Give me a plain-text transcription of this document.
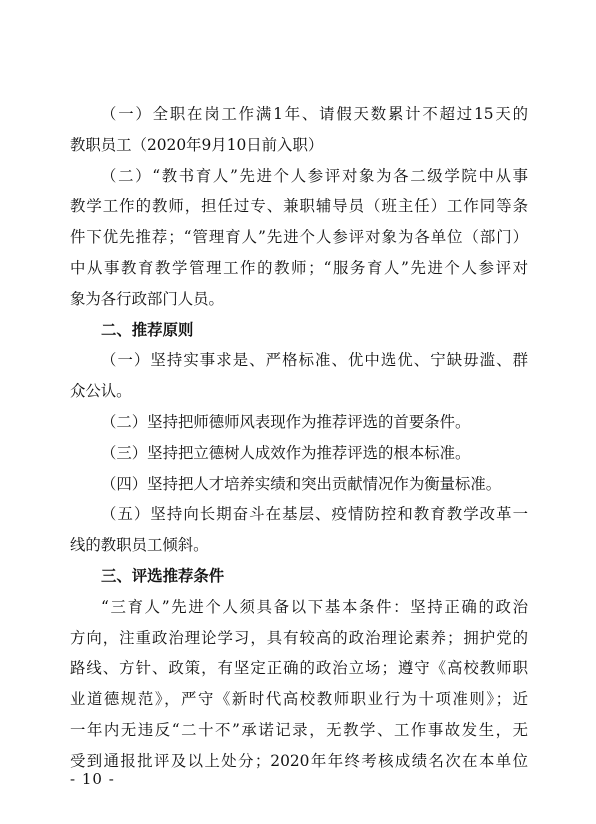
（一）全职在岗工作满1年、请假天数累计不超过15天的
教职员工（2020年9月10日前入职）
（二）“教书育人”先进个人参评对象为各二级学院中从事
教学工作的教师，担任过专、兼职辅导员（班主任）工作同等条
件下优先推荐；“管理育人”先进个人参评对象为各单位（部门）
中从事教育教学管理工作的教师；“服务育人”先进个人参评对
象为各行政部门人员。
二、推荐原则
（一）坚持实事求是、严格标准、优中选优、宁缺毋滥、群
众公认。
（二）坚持把师德师风表现作为推荐评选的首要条件。
（三）坚持把立德树人成效作为推荐评选的根本标准。
（四）坚持把人才培养实绩和突出贡献情况作为衡量标准。
（五）坚持向长期奋斗在基层、疫情防控和教育教学改革一
线的教职员工倾斜。
三、评选推荐条件
“三育人”先进个人须具备以下基本条件：坚持正确的政治
方向，注重政治理论学习，具有较高的政治理论素养；拥护党的
路线、方针、政策，有坚定正确的政治立场；遵守《高校教师职
业道德规范》，严守《新时代高校教师职业行为十项准则》；近
一年内无违反“二十不”承诺记录，无教学、工作事故发生，无
受到通报批评及以上处分；2020年年终考核成绩名次在本单位
- 10 -
